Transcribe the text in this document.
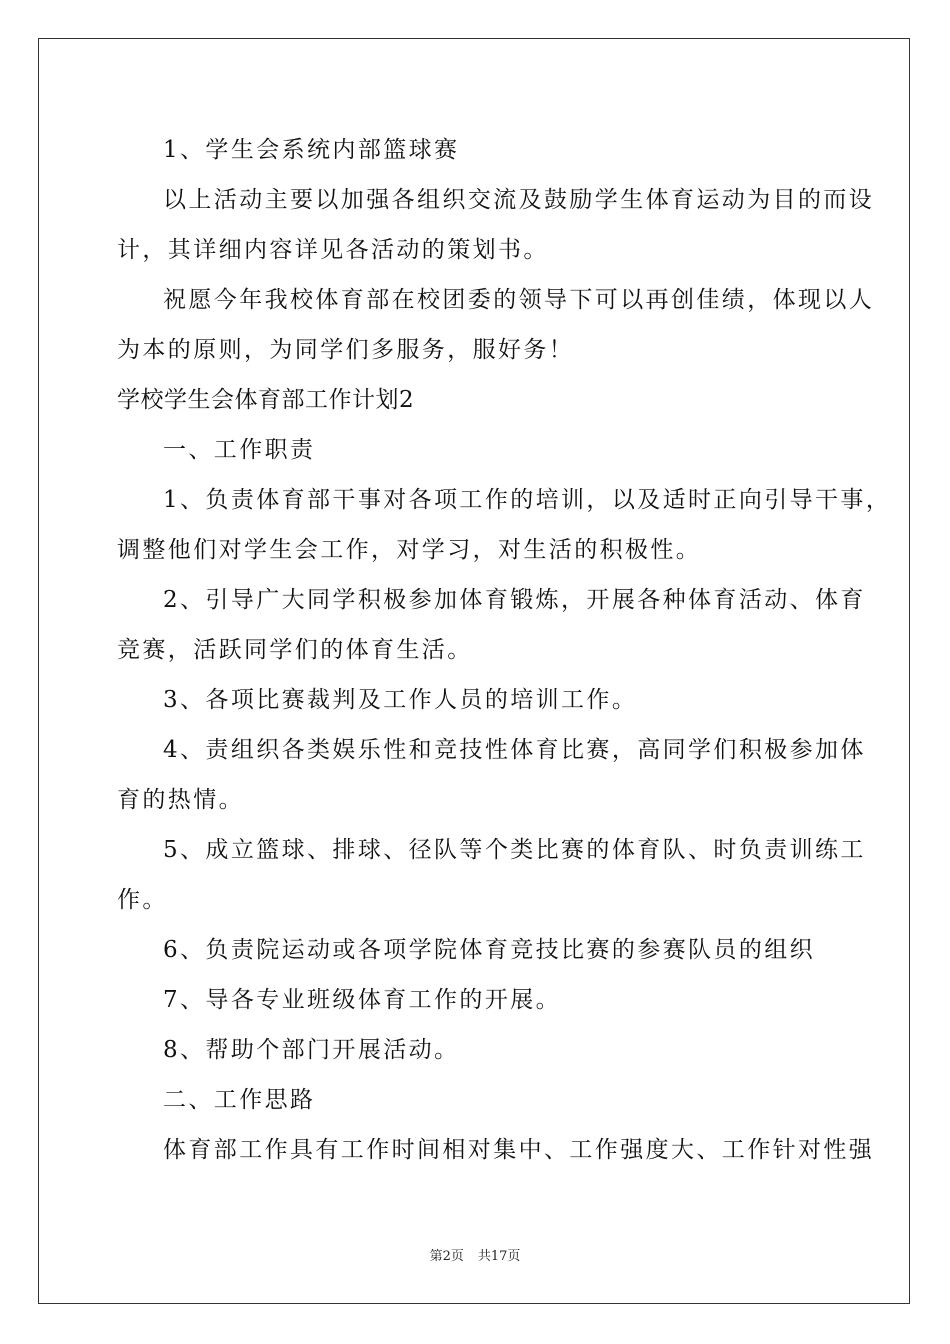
1、学生会系统内部篮球赛
以上活动主要以加强各组织交流及鼓励学生体育运动为目的而设
计，其详细内容详见各活动的策划书。
祝愿今年我校体育部在校团委的领导下可以再创佳绩，体现以人
为本的原则，为同学们多服务，服好务！
学校学生会体育部工作计划2
一、工作职责
1、负责体育部干事对各项工作的培训，以及适时正向引导干事，
调整他们对学生会工作，对学习，对生活的积极性。
2、引导广大同学积极参加体育锻炼，开展各种体育活动、体育
竞赛，活跃同学们的体育生活。
3、各项比赛裁判及工作人员的培训工作。
4、责组织各类娱乐性和竞技性体育比赛，高同学们积极参加体
育的热情。
5、成立篮球、排球、径队等个类比赛的体育队、时负责训练工
作。
6、负责院运动或各项学院体育竞技比赛的参赛队员的组织
7、导各专业班级体育工作的开展。
8、帮助个部门开展活动。
二、工作思路
体育部工作具有工作时间相对集中、工作强度大、工作针对性强
第2页 共17页
